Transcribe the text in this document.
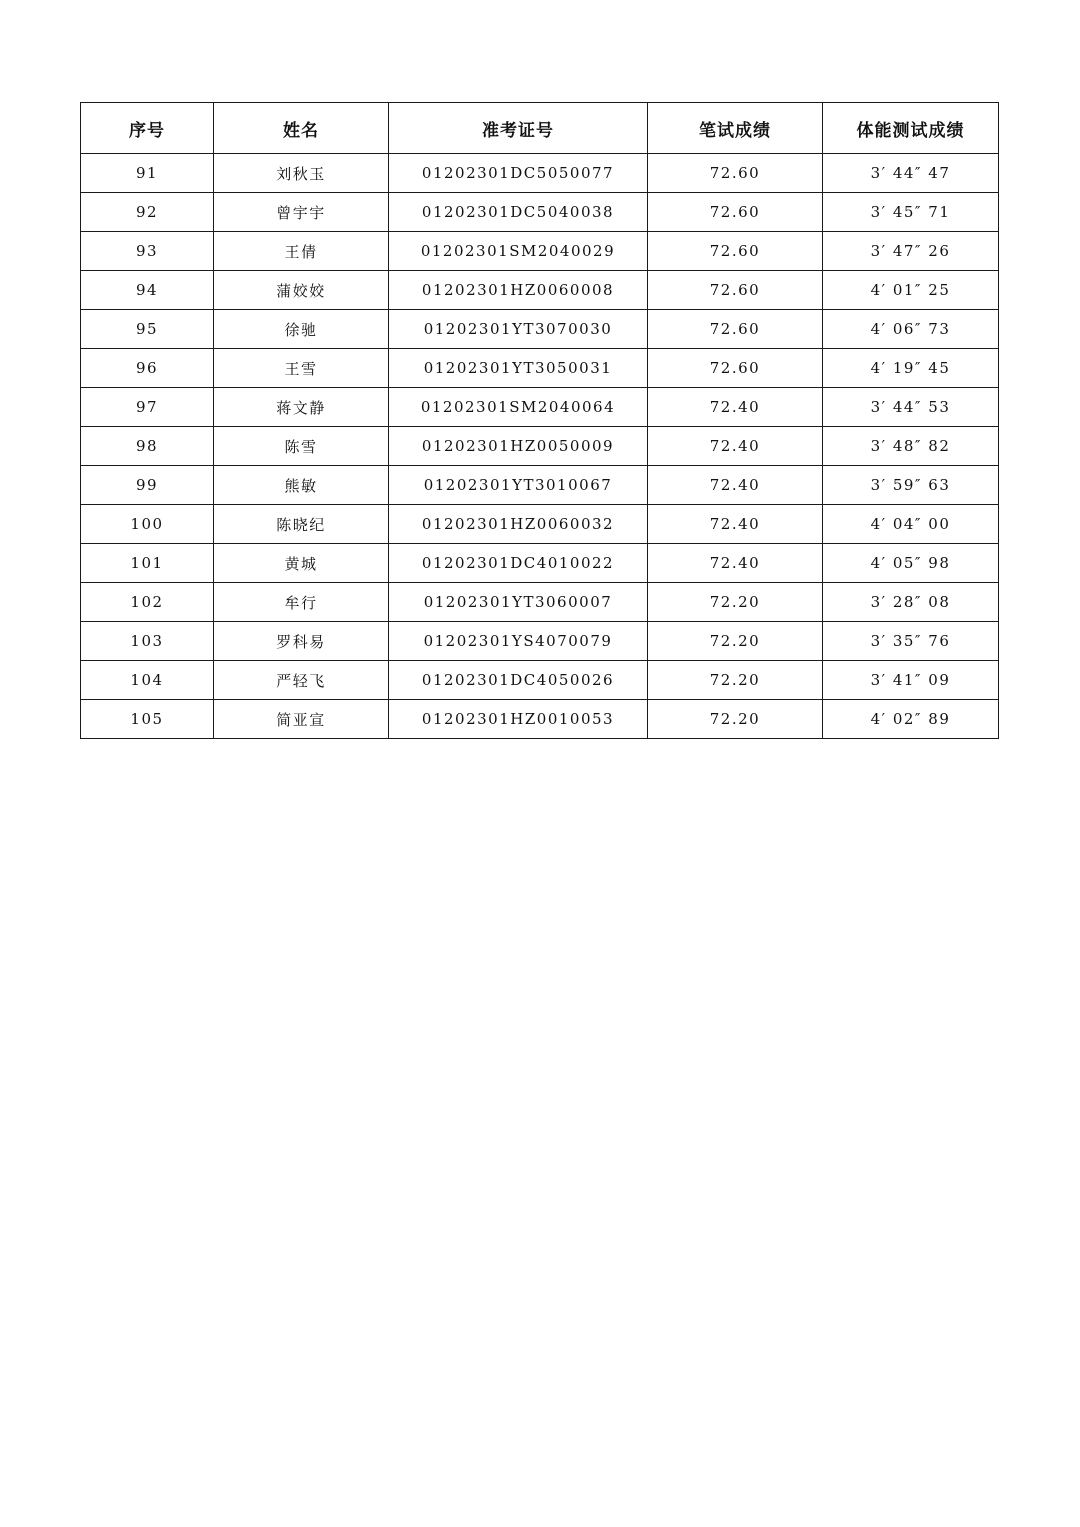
序号	姓名	准考证号	笔试成绩	体能测试成绩
91	刘秋玉	01202301DC5050077	72.60	3′ 44″ 47
92	曾宇宇	01202301DC5040038	72.60	3′ 45″ 71
93	王倩	01202301SM2040029	72.60	3′ 47″ 26
94	蒲姣姣	01202301HZ0060008	72.60	4′ 01″ 25
95	徐驰	01202301YT3070030	72.60	4′ 06″ 73
96	王雪	01202301YT3050031	72.60	4′ 19″ 45
97	蒋文静	01202301SM2040064	72.40	3′ 44″ 53
98	陈雪	01202301HZ0050009	72.40	3′ 48″ 82
99	熊敏	01202301YT3010067	72.40	3′ 59″ 63
100	陈晓纪	01202301HZ0060032	72.40	4′ 04″ 00
101	黄城	01202301DC4010022	72.40	4′ 05″ 98
102	牟行	01202301YT3060007	72.20	3′ 28″ 08
103	罗科易	01202301YS4070079	72.20	3′ 35″ 76
104	严轻飞	01202301DC4050026	72.20	3′ 41″ 09
105	简亚宣	01202301HZ0010053	72.20	4′ 02″ 89
